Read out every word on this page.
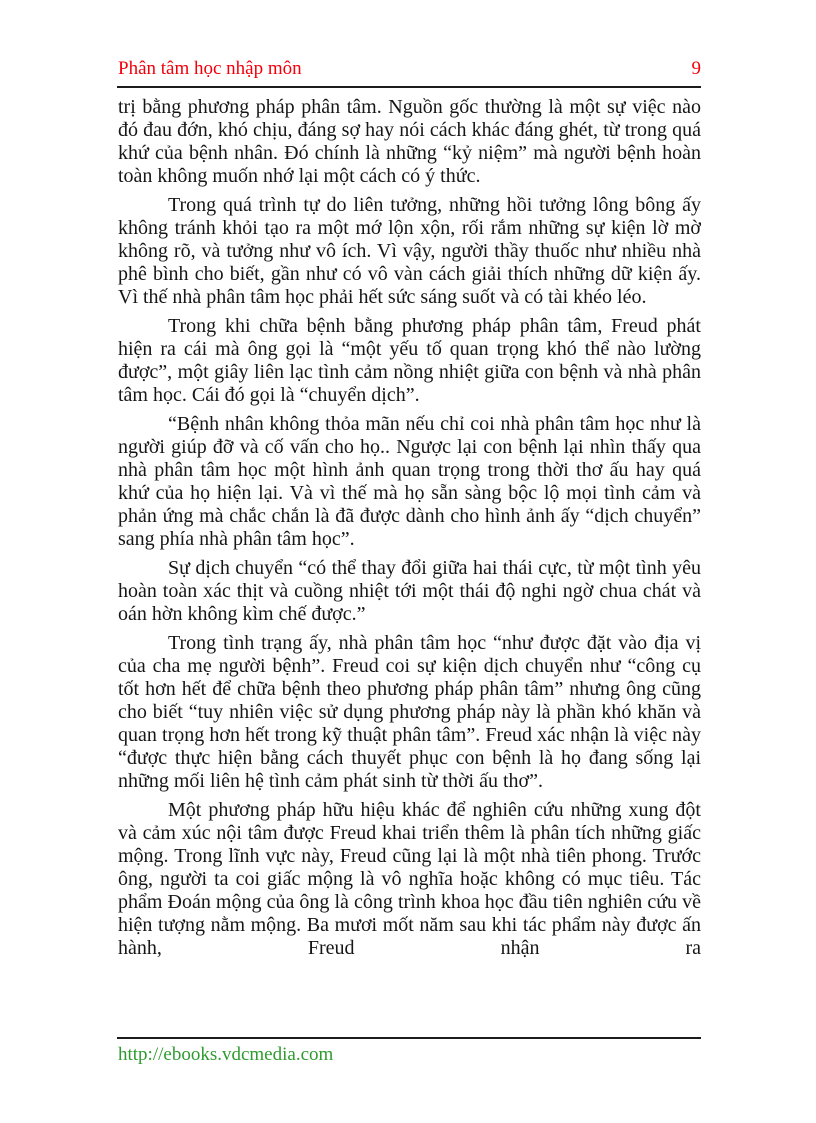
Phân tâm học nhập môn	9

trị bằng phương pháp phân tâm. Nguồn gốc thường là một sự việc nào đó đau đớn, khó chịu, đáng sợ hay nói cách khác đáng ghét, từ trong quá khứ của bệnh nhân. Đó chính là những “kỷ niệm” mà người bệnh hoàn toàn không muốn nhớ lại một cách có ý thức.

Trong quá trình tự do liên tưởng, những hồi tưởng lông bông ấy không tránh khỏi tạo ra một mớ lộn xộn, rối rắm những sự kiện lờ mờ không rõ, và tưởng như vô ích. Vì vậy, người thầy thuốc như nhiều nhà phê bình cho biết, gần như có vô vàn cách giải thích những dữ kiện ấy. Vì thế nhà phân tâm học phải hết sức sáng suốt và có tài khéo léo.

Trong khi chữa bệnh bằng phương pháp phân tâm, Freud phát hiện ra cái mà ông gọi là “một yếu tố quan trọng khó thể nào lường được”, một giây liên lạc tình cảm nồng nhiệt giữa con bệnh và nhà phân tâm học. Cái đó gọi là “chuyển dịch”.

“Bệnh nhân không thỏa mãn nếu chỉ coi nhà phân tâm học như là người giúp đỡ và cố vấn cho họ.. Ngược lại con bệnh lại nhìn thấy qua nhà phân tâm học một hình ảnh quan trọng trong thời thơ ấu hay quá khứ của họ hiện lại. Và vì thế mà họ sẵn sàng bộc lộ mọi tình cảm và phản ứng mà chắc chắn là đã được dành cho hình ảnh ấy “dịch chuyển” sang phía nhà phân tâm học”.

Sự dịch chuyển “có thể thay đổi giữa hai thái cực, từ một tình yêu hoàn toàn xác thịt và cuồng nhiệt tới một thái độ nghi ngờ chua chát và oán hờn không kìm chế được.”

Trong tình trạng ấy, nhà phân tâm học “như được đặt vào địa vị của cha mẹ người bệnh”. Freud coi sự kiện dịch chuyển như “công cụ tốt hơn hết để chữa bệnh theo phương pháp phân tâm” nhưng ông cũng cho biết “tuy nhiên việc sử dụng phương pháp này là phần khó khăn và quan trọng hơn hết trong kỹ thuật phân tâm”. Freud xác nhận là việc này “được thực hiện bằng cách thuyết phục con bệnh là họ đang sống lại những mối liên hệ tình cảm phát sinh từ thời ấu thơ”.

Một phương pháp hữu hiệu khác để nghiên cứu những xung đột và cảm xúc nội tâm được Freud khai triển thêm là phân tích những giấc mộng. Trong lĩnh vực này, Freud cũng lại là một nhà tiên phong. Trước ông, người ta coi giấc mộng là vô nghĩa hoặc không có mục tiêu. Tác phẩm Đoán mộng của ông là công trình khoa học đầu tiên nghiên cứu về hiện tượng nằm mộng. Ba mươi mốt năm sau khi tác phẩm này được ấn hành, Freud nhận ra

http://ebooks.vdcmedia.com
